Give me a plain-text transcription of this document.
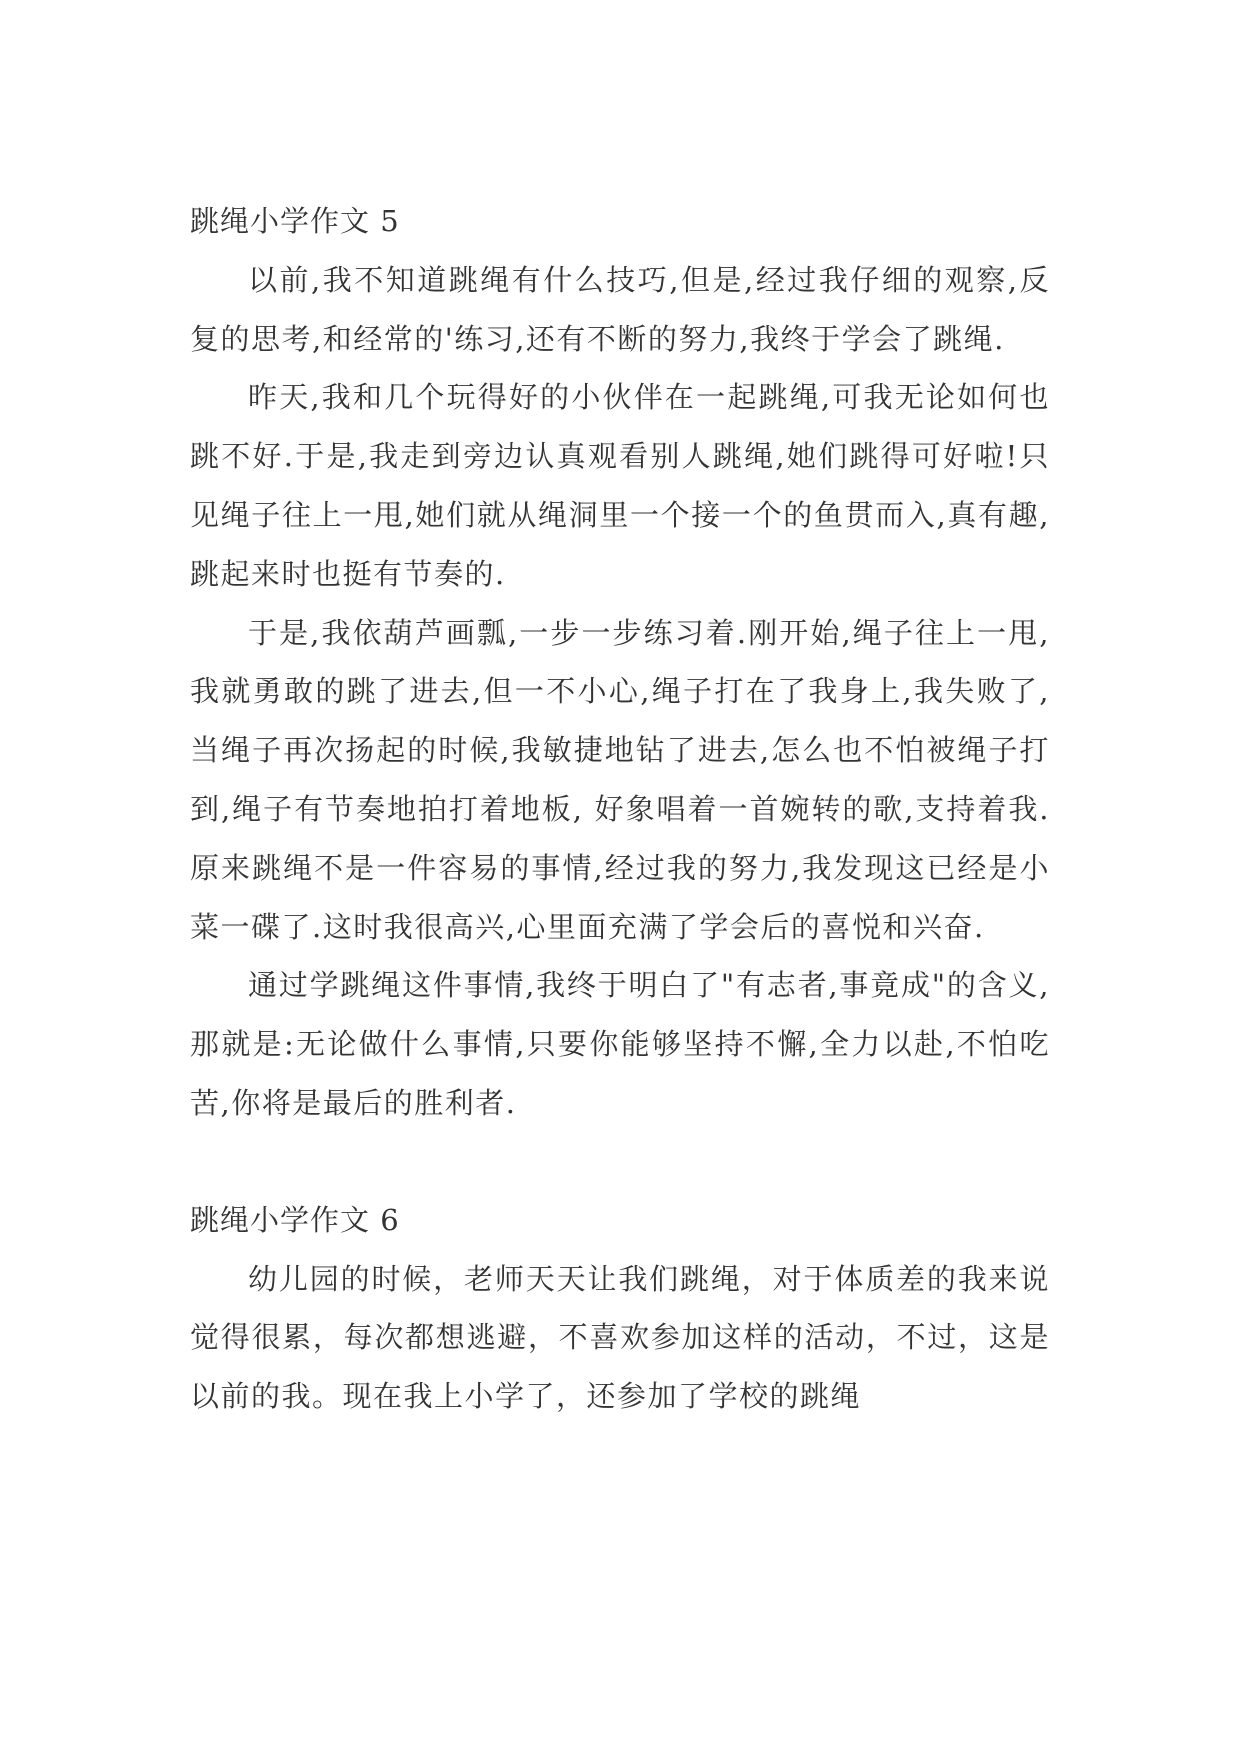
跳绳小学作文 5

以前,我不知道跳绳有什么技巧,但是,经过我仔细的观察,反复的思考,和经常的'练习,还有不断的努力,我终于学会了跳绳.

昨天,我和几个玩得好的小伙伴在一起跳绳,可我无论如何也跳不好.于是,我走到旁边认真观看别人跳绳,她们跳得可好啦!只见绳子往上一甩,她们就从绳洞里一个接一个的鱼贯而入,真有趣,跳起来时也挺有节奏的.

于是,我依葫芦画瓢,一步一步练习着.刚开始,绳子往上一甩,我就勇敢的跳了进去,但一不小心,绳子打在了我身上,我失败了,当绳子再次扬起的时候,我敏捷地钻了进去,怎么也不怕被绳子打到,绳子有节奏地拍打着地板, 好象唱着一首婉转的歌,支持着我.原来跳绳不是一件容易的事情,经过我的努力,我发现这已经是小菜一碟了.这时我很高兴,心里面充满了学会后的喜悦和兴奋.

通过学跳绳这件事情,我终于明白了"有志者,事竟成"的含义,那就是:无论做什么事情,只要你能够坚持不懈,全力以赴,不怕吃苦,你将是最后的胜利者.

跳绳小学作文 6

幼儿园的时候，老师天天让我们跳绳，对于体质差的我来说觉得很累，每次都想逃避，不喜欢参加这样的活动，不过，这是以前的我。现在我上小学了，还参加了学校的跳绳
